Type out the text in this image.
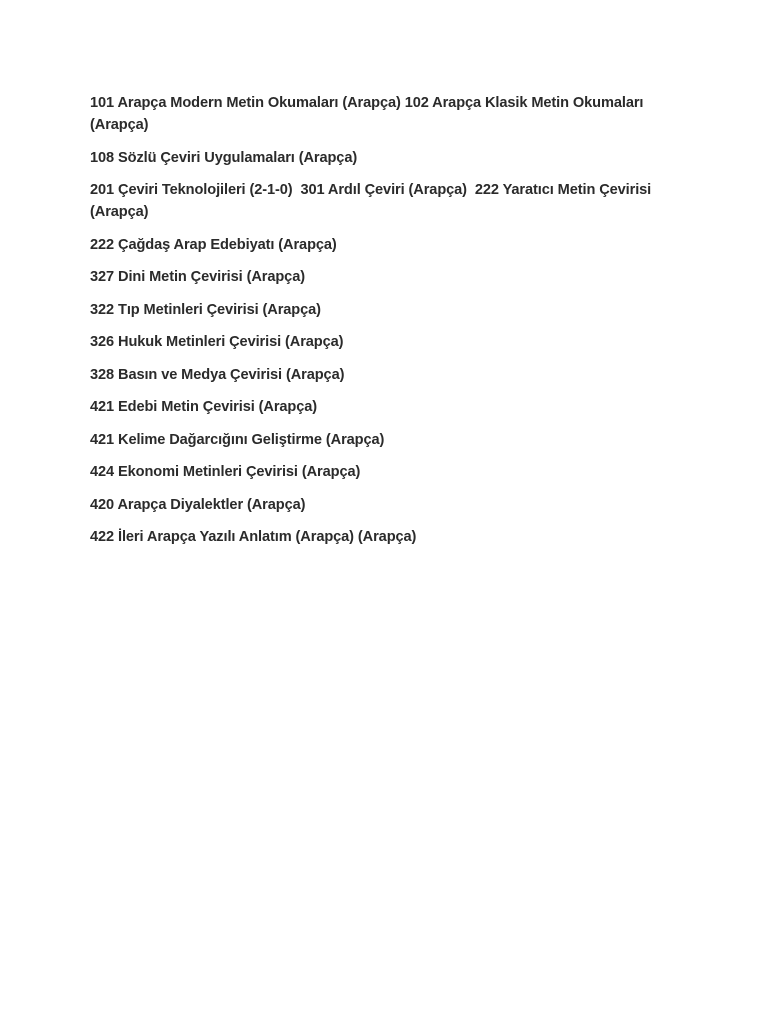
101 Arapça Modern Metin Okumaları (Arapça) 102 Arapça Klasik Metin Okumaları (Arapça)

108 Sözlü Çeviri Uygulamaları (Arapça)

201 Çeviri Teknolojileri (2-1-0)  301 Ardıl Çeviri (Arapça)  222 Yaratıcı Metin Çevirisi (Arapça)

222 Çağdaş Arap Edebiyatı (Arapça)

327 Dini Metin Çevirisi (Arapça)

322 Tıp Metinleri Çevirisi (Arapça)

326 Hukuk Metinleri Çevirisi (Arapça)

328 Basın ve Medya Çevirisi (Arapça)

421 Edebi Metin Çevirisi (Arapça)

421 Kelime Dağarcığını Geliştirme (Arapça)

424 Ekonomi Metinleri Çevirisi (Arapça)

420 Arapça Diyalektler (Arapça)

422 İleri Arapça Yazılı Anlatım (Arapça) (Arapça)
